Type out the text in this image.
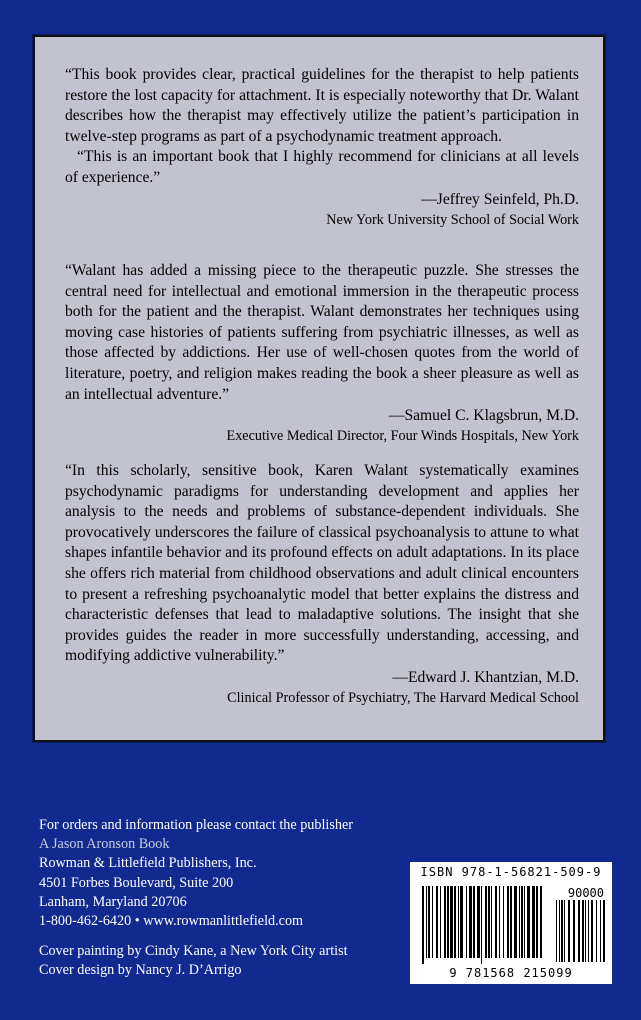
“This book provides clear, practical guidelines for the therapist to help patients restore the lost capacity for attachment. It is especially noteworthy that Dr. Walant describes how the therapist may effectively utilize the patient’s participation in twelve-step programs as part of a psychodynamic treatment approach.

“This is an important book that I highly recommend for clinicians at all levels of experience.”

—Jeffrey Seinfeld, Ph.D.

New York University School of Social Work

“Walant has added a missing piece to the therapeutic puzzle. She stresses the central need for intellectual and emotional immersion in the therapeutic process both for the patient and the therapist. Walant demonstrates her techniques using moving case histories of patients suffering from psychiatric illnesses, as well as those affected by addictions. Her use of well-chosen quotes from the world of literature, poetry, and religion makes reading the book a sheer pleasure as well as an intellectual adventure.”

—Samuel C. Klagsbrun, M.D.

Executive Medical Director, Four Winds Hospitals, New York

“In this scholarly, sensitive book, Karen Walant systematically examines psychodynamic paradigms for understanding development and applies her analysis to the needs and problems of substance-dependent individuals. She provocatively underscores the failure of classical psychoanalysis to attune to what shapes infantile behavior and its profound effects on adult adaptations. In its place she offers rich material from childhood observations and adult clinical encounters to present a refreshing psychoanalytic model that better explains the distress and characteristic defenses that lead to maladaptive solutions. The insight that she provides guides the reader in more successfully understanding, accessing, and modifying addictive vulnerability.”

—Edward J. Khantzian, M.D.

Clinical Professor of Psychiatry, The Harvard Medical School

For orders and information please contact the publisher
A Jason Aronson Book
Rowman & Littlefield Publishers, Inc.
4501 Forbes Boulevard, Suite 200
Lanham, Maryland 20706
1-800-462-6420 • www.rowmanlittlefield.com
Cover painting by Cindy Kane, a New York City artist
Cover design by Nancy J. D’Arrigo
ISBN 978-1-56821-509-9
90000
9 781568 215099
